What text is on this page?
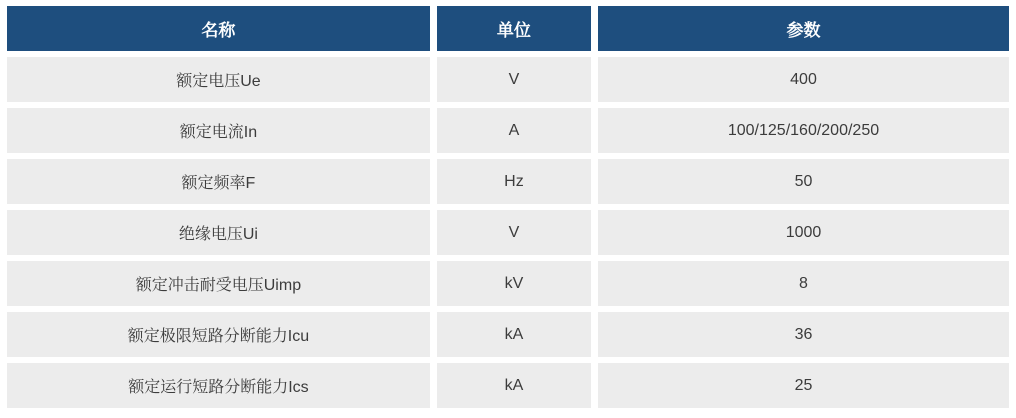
名称	单位	参数
额定电压Ue	V	400
额定电流In	A	100/125/160/200/250
额定频率F	Hz	50
绝缘电压Ui	V	1000
额定冲击耐受电压Uimp	kV	8
额定极限短路分断能力Icu	kA	36
额定运行短路分断能力Ics	kA	25
